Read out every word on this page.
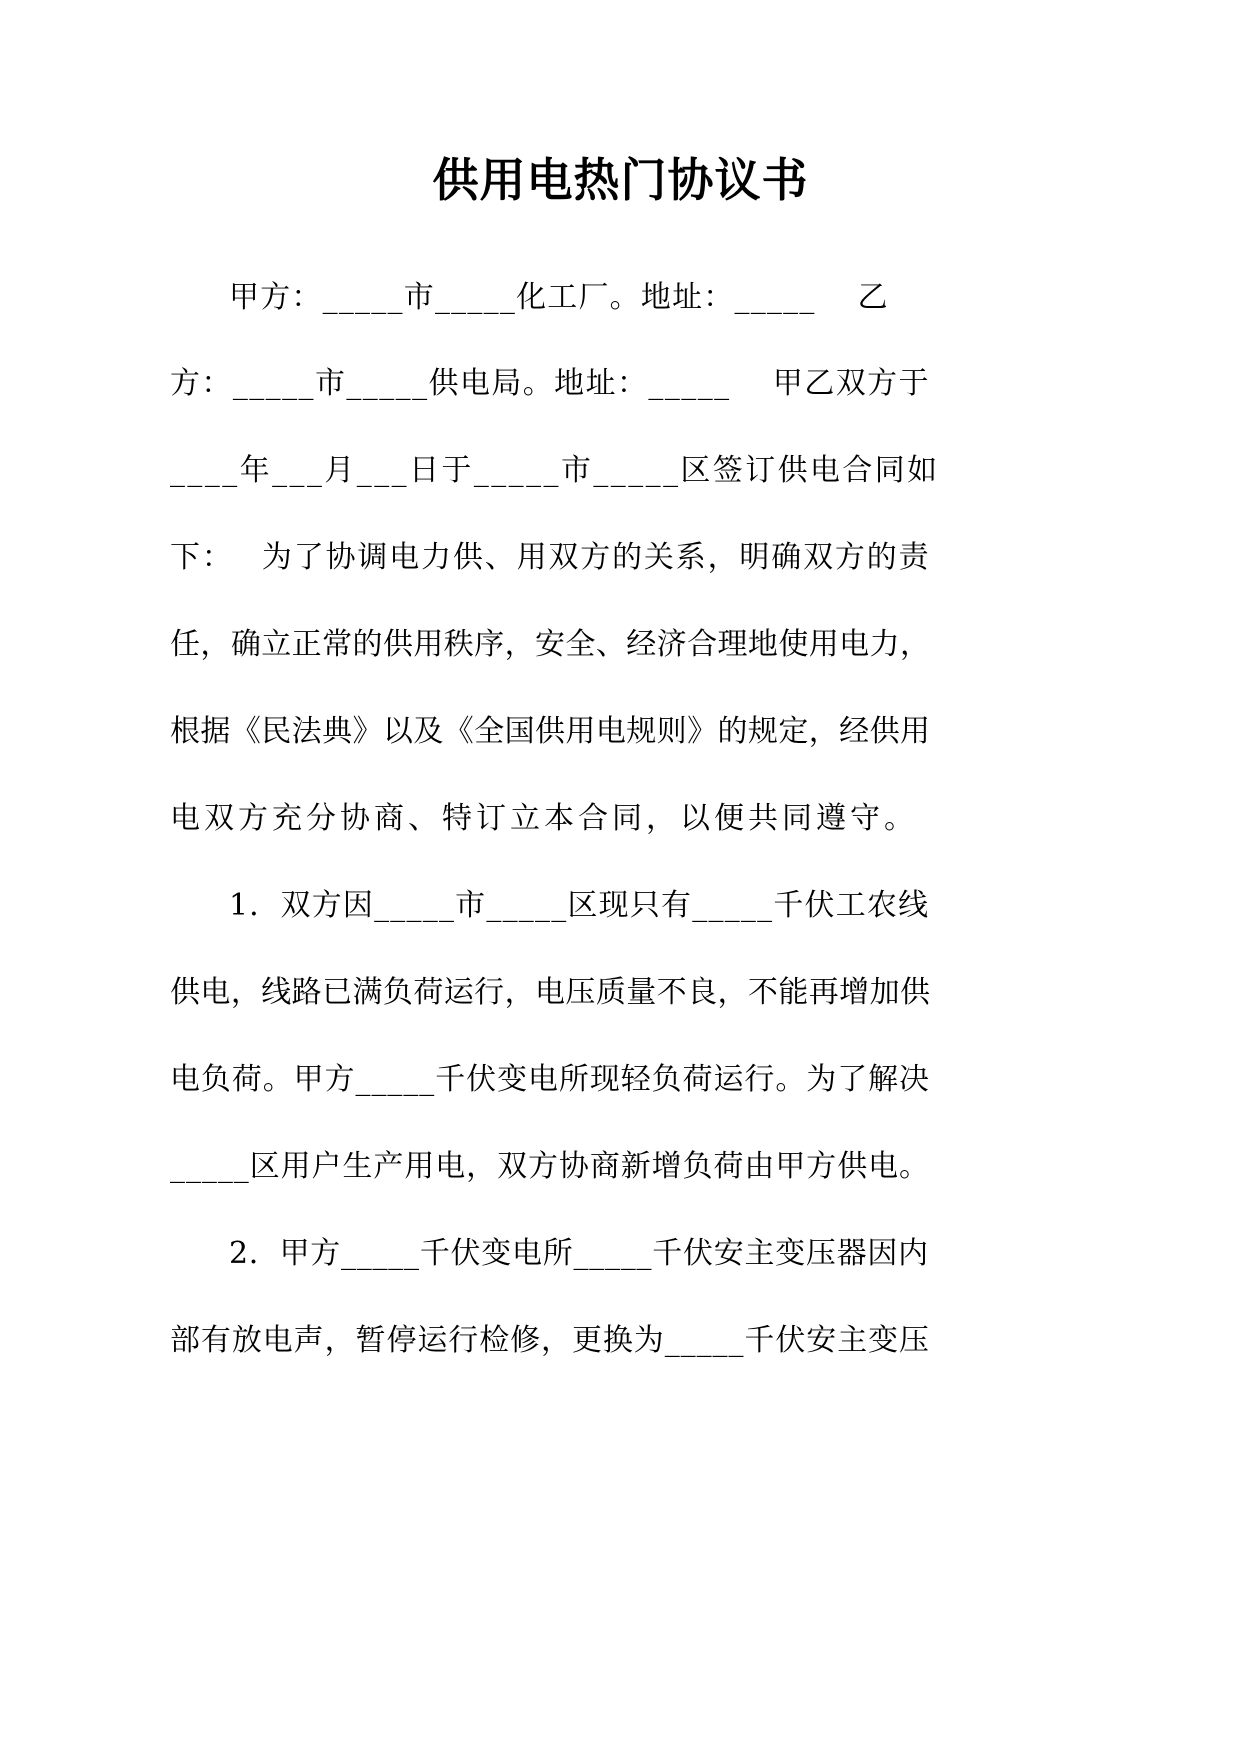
供用电热门协议书
甲方：_____市_____化工厂。地址：_____　 乙
方：_____市_____供电局。地址：_____　 甲乙双方于
____年___月___日于_____市_____区签订供电合同如
下：　 为了协调电力供、用双方的关系，明确双方的责
任，确立正常的供用秩序，安全、经济合理地使用电力，
根据《民法典》以及《全国供用电规则》的规定，经供用
电双方充分协商、特订立本合同，以便共同遵守。
1．双方因_____市_____区现只有_____千伏工农线
供电，线路已满负荷运行，电压质量不良，不能再增加供
电负荷。甲方_____千伏变电所现轻负荷运行。为了解决
_____区用户生产用电，双方协商新增负荷由甲方供电。
2．甲方_____千伏变电所_____千伏安主变压器因内
部有放电声，暂停运行检修，更换为_____千伏安主变压
